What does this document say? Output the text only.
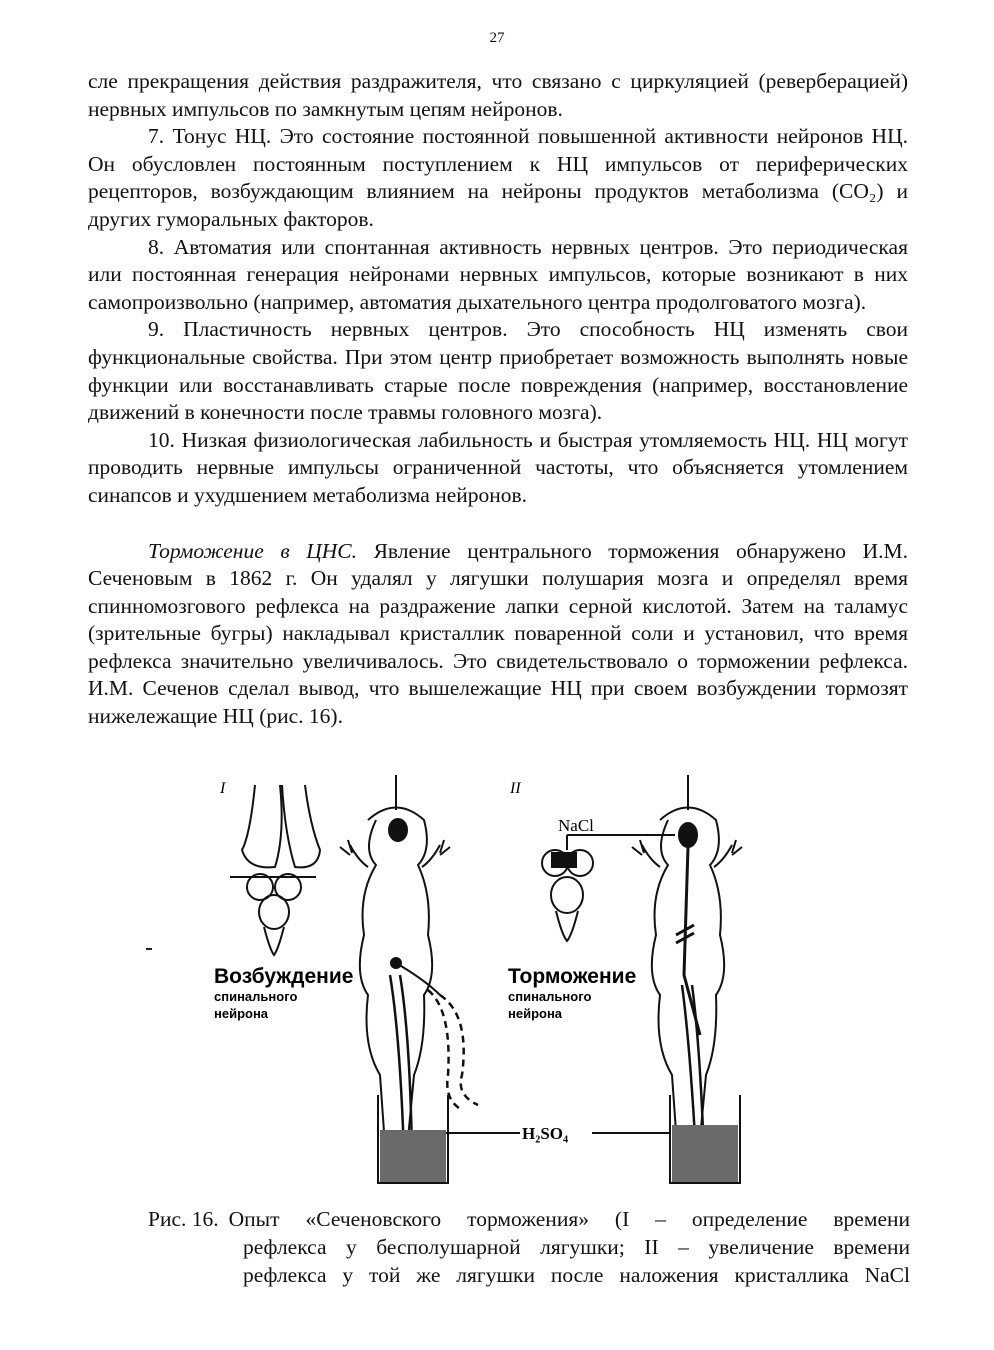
27

сле прекращения действия раздражителя, что связано с циркуляцией (реверберацией) нервных импульсов по замкнутым цепям нейронов.

7. Тонус НЦ. Это состояние постоянной повышенной активности нейронов НЦ. Он обусловлен постоянным поступлением к НЦ импульсов от периферических рецепторов, возбуждающим влиянием на нейроны продуктов метаболизма (CO₂) и других гуморальных факторов.

8. Автоматия или спонтанная активность нервных центров. Это периодическая или постоянная генерация нейронами нервных импульсов, которые возникают в них самопроизвольно (например, автоматия дыхательного центра продолговатого мозга).

9. Пластичность нервных центров. Это способность НЦ изменять свои функциональные свойства. При этом центр приобретает возможность выполнять новые функции или восстанавливать старые после повреждения (например, восстановление движений в конечности после травмы головного мозга).

10. Низкая физиологическая лабильность и быстрая утомляемость НЦ. НЦ могут проводить нервные импульсы ограниченной частоты, что объясняется утомлением синапсов и ухудшением метаболизма нейронов.

Торможение в ЦНС. Явление центрального торможения обнаружено И.М. Сеченовым в 1862 г. Он удалял у лягушки полушария мозга и определял время спинномозгового рефлекса на раздражение лапки серной кислотой. Затем на таламус (зрительные бугры) накладывал кристаллик поваренной соли и установил, что время рефлекса значительно увеличивалось. Это свидетельствовало о торможении рефлекса. И.М. Сеченов сделал вывод, что вышележащие НЦ при своем возбуждении тормозят нижележащие НЦ (рис. 16).

I	II
NaCl
H₂SO₄
Возбуждение
спинального
нейрона
Торможение
спинального
нейрона
Рис. 16. Опыт «Сеченовского торможения» (I – определение времени
рефлекса у бесполушарной лягушки; II – увеличение времени
рефлекса у той же лягушки после наложения кристаллика NaCl
